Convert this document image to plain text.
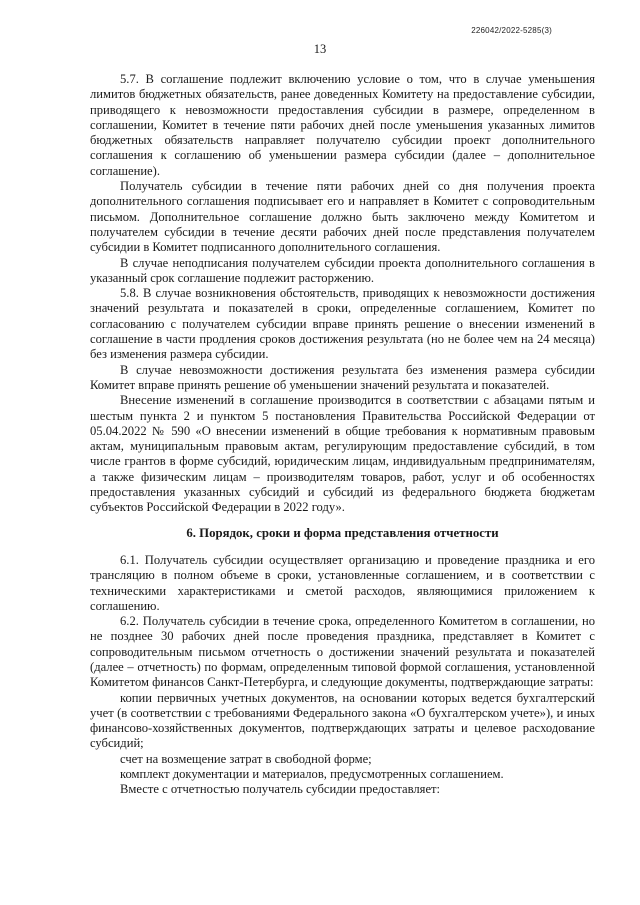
226042/2022-5285(3)
13

5.7. В соглашение подлежит включению условие о том, что в случае уменьшения лимитов бюджетных обязательств, ранее доведенных Комитету на предоставление субсидии, приводящего к невозможности предоставления субсидии в размере, определенном в соглашении, Комитет в течение пяти рабочих дней после уменьшения указанных лимитов бюджетных обязательств направляет получателю субсидии проект дополнительного соглашения к соглашению об уменьшении размера субсидии (далее – дополнительное соглашение).

Получатель субсидии в течение пяти рабочих дней со дня получения проекта дополнительного соглашения подписывает его и направляет в Комитет с сопроводительным письмом. Дополнительное соглашение должно быть заключено между Комитетом и получателем субсидии в течение десяти рабочих дней после представления получателем субсидии в Комитет подписанного дополнительного соглашения.

В случае неподписания получателем субсидии проекта дополнительного соглашения в указанный срок соглашение подлежит расторжению.

5.8. В случае возникновения обстоятельств, приводящих к невозможности достижения значений результата и показателей в сроки, определенные соглашением, Комитет по согласованию с получателем субсидии вправе принять решение о внесении изменений в соглашение в части продления сроков достижения результата (но не более чем на 24 месяца) без изменения размера субсидии.

В случае невозможности достижения результата без изменения размера субсидии Комитет вправе принять решение об уменьшении значений результата и показателей.

Внесение изменений в соглашение производится в соответствии с абзацами пятым и шестым пункта 2 и пунктом 5 постановления Правительства Российской Федерации от 05.04.2022 № 590 «О внесении изменений в общие требования к нормативным правовым актам, муниципальным правовым актам, регулирующим предоставление субсидий, в том числе грантов в форме субсидий, юридическим лицам, индивидуальным предпринимателям, а также физическим лицам – производителям товаров, работ, услуг и об особенностях предоставления указанных субсидий и субсидий из федерального бюджета бюджетам субъектов Российской Федерации в 2022 году».

6. Порядок, сроки и форма представления отчетности

6.1. Получатель субсидии осуществляет организацию и проведение праздника и его трансляцию в полном объеме в сроки, установленные соглашением, и в соответствии с техническими характеристиками и сметой расходов, являющимися приложением к соглашению.

6.2. Получатель субсидии в течение срока, определенного Комитетом в соглашении, но не позднее 30 рабочих дней после проведения праздника, представляет в Комитет с сопроводительным письмом отчетность о достижении значений результата и показателей (далее – отчетность) по формам, определенным типовой формой соглашения, установленной Комитетом финансов Санкт-Петербурга, и следующие документы, подтверждающие затраты:

копии первичных учетных документов, на основании которых ведется бухгалтерский учет (в соответствии с требованиями Федерального закона «О бухгалтерском учете»), и иных финансово-хозяйственных документов, подтверждающих затраты и целевое расходование субсидий;

счет на возмещение затрат в свободной форме;

комплект документации и материалов, предусмотренных соглашением.

Вместе с отчетностью получатель субсидии предоставляет:
